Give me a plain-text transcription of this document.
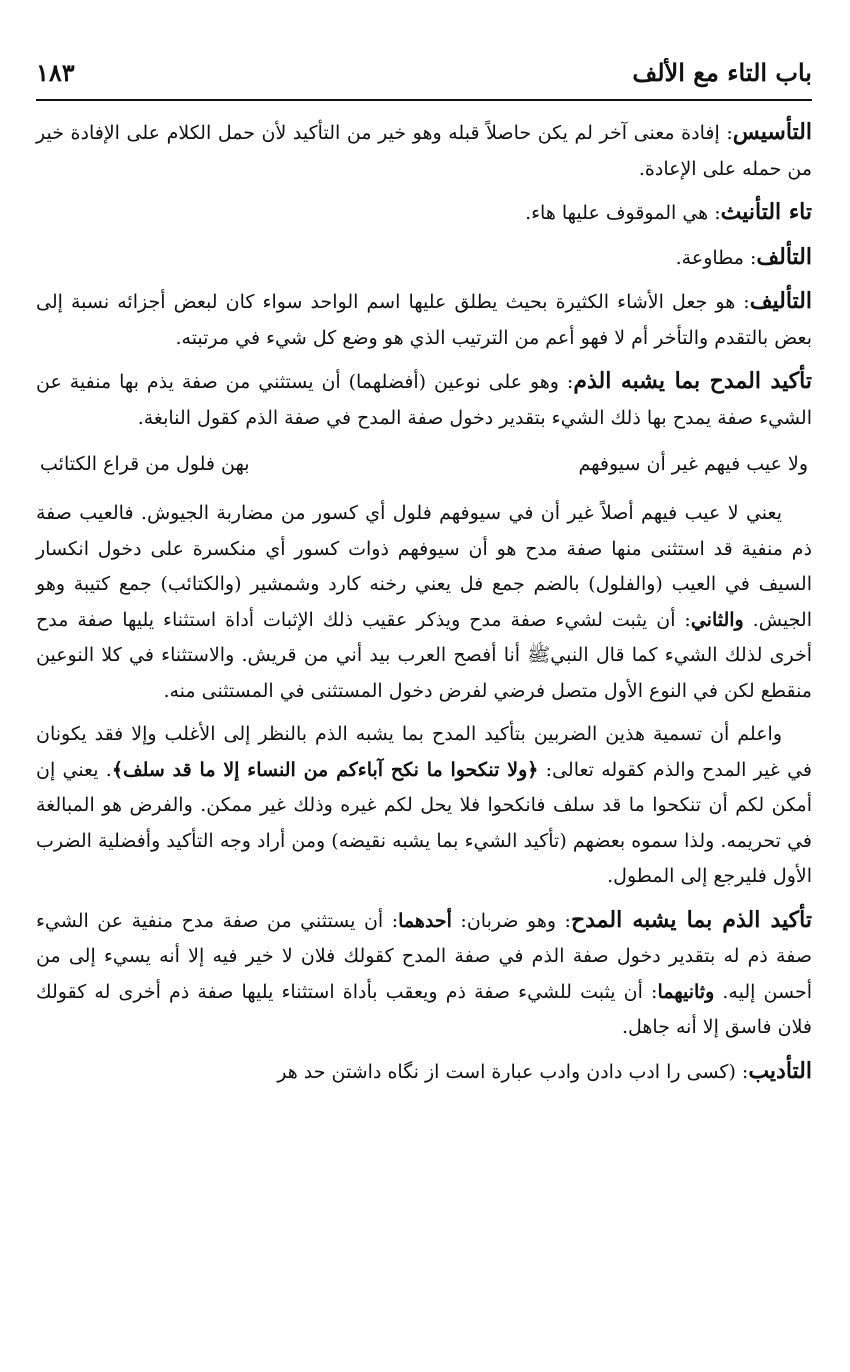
باب التاء مع الألف
١٨٣

التأسيس: إفادة معنى آخر لم يكن حاصلاً قبله وهو خير من التأكيد لأن حمل الكلام على الإفادة خير من حمله على الإعادة.

تاء التأنيث: هي الموقوف عليها هاء.

التألف: مطاوعة.

التأليف: هو جعل الأشاء الكثيرة بحيث يطلق عليها اسم الواحد سواء كان لبعض أجزائه نسبة إلى بعض بالتقدم والتأخر أم لا فهو أعم من الترتيب الذي هو وضع كل شيء في مرتبته.

تأكيد المدح بما يشبه الذم: وهو على نوعين (أفضلهما) أن يستثني من صفة يذم بها منفية عن الشيء صفة يمدح بها ذلك الشيء بتقدير دخول صفة المدح في صفة الذم كقول النابغة.

ولا عيب فيهم غير أن سيوفهم
بهن فلول من قراع الكتائب

يعني لا عيب فيهم أصلاً غير أن في سيوفهم فلول أي كسور من مضاربة الجيوش. فالعيب صفة ذم منفية قد استثنى منها صفة مدح هو أن سيوفهم ذوات كسور أي منكسرة على دخول انكسار السيف في العيب (والفلول) بالضم جمع فل يعني رخنه كارد وشمشير (والكتائب) جمع كتيبة وهو الجيش. والثاني: أن يثبت لشيء صفة مدح ويذكر عقيب ذلك الإثبات أداة استثناء يليها صفة مدح أخرى لذلك الشيء كما قال النبيﷺ أنا أفصح العرب بيد أني من قريش. والاستثناء في كلا النوعين منقطع لكن في النوع الأول متصل فرضي لفرض دخول المستثنى في المستثنى منه.

واعلم أن تسمية هذين الضربين بتأكيد المدح بما يشبه الذم بالنظر إلى الأغلب وإلا فقد يكونان في غير المدح والذم كقوله تعالى: ﴿ولا تنكحوا ما نكح آباءكم من النساء إلا ما قد سلف﴾. يعني إن أمكن لكم أن تنكحوا ما قد سلف فانكحوا فلا يحل لكم غيره وذلك غير ممكن. والفرض هو المبالغة في تحريمه. ولذا سموه بعضهم (تأكيد الشيء بما يشبه نقيضه) ومن أراد وجه التأكيد وأفضلية الضرب الأول فليرجع إلى المطول.

تأكيد الذم بما يشبه المدح: وهو ضربان: أحدهما: أن يستثني من صفة مدح منفية عن الشيء صفة ذم له بتقدير دخول صفة الذم في صفة المدح كقولك فلان لا خير فيه إلا أنه يسيء إلى من أحسن إليه. وثانيهما: أن يثبت للشيء صفة ذم ويعقب بأداة استثناء يليها صفة ذم أخرى له كقولك فلان فاسق إلا أنه جاهل.

التأديب: (كسى را ادب دادن وادب عبارة است از نگاه داشتن حد هر
